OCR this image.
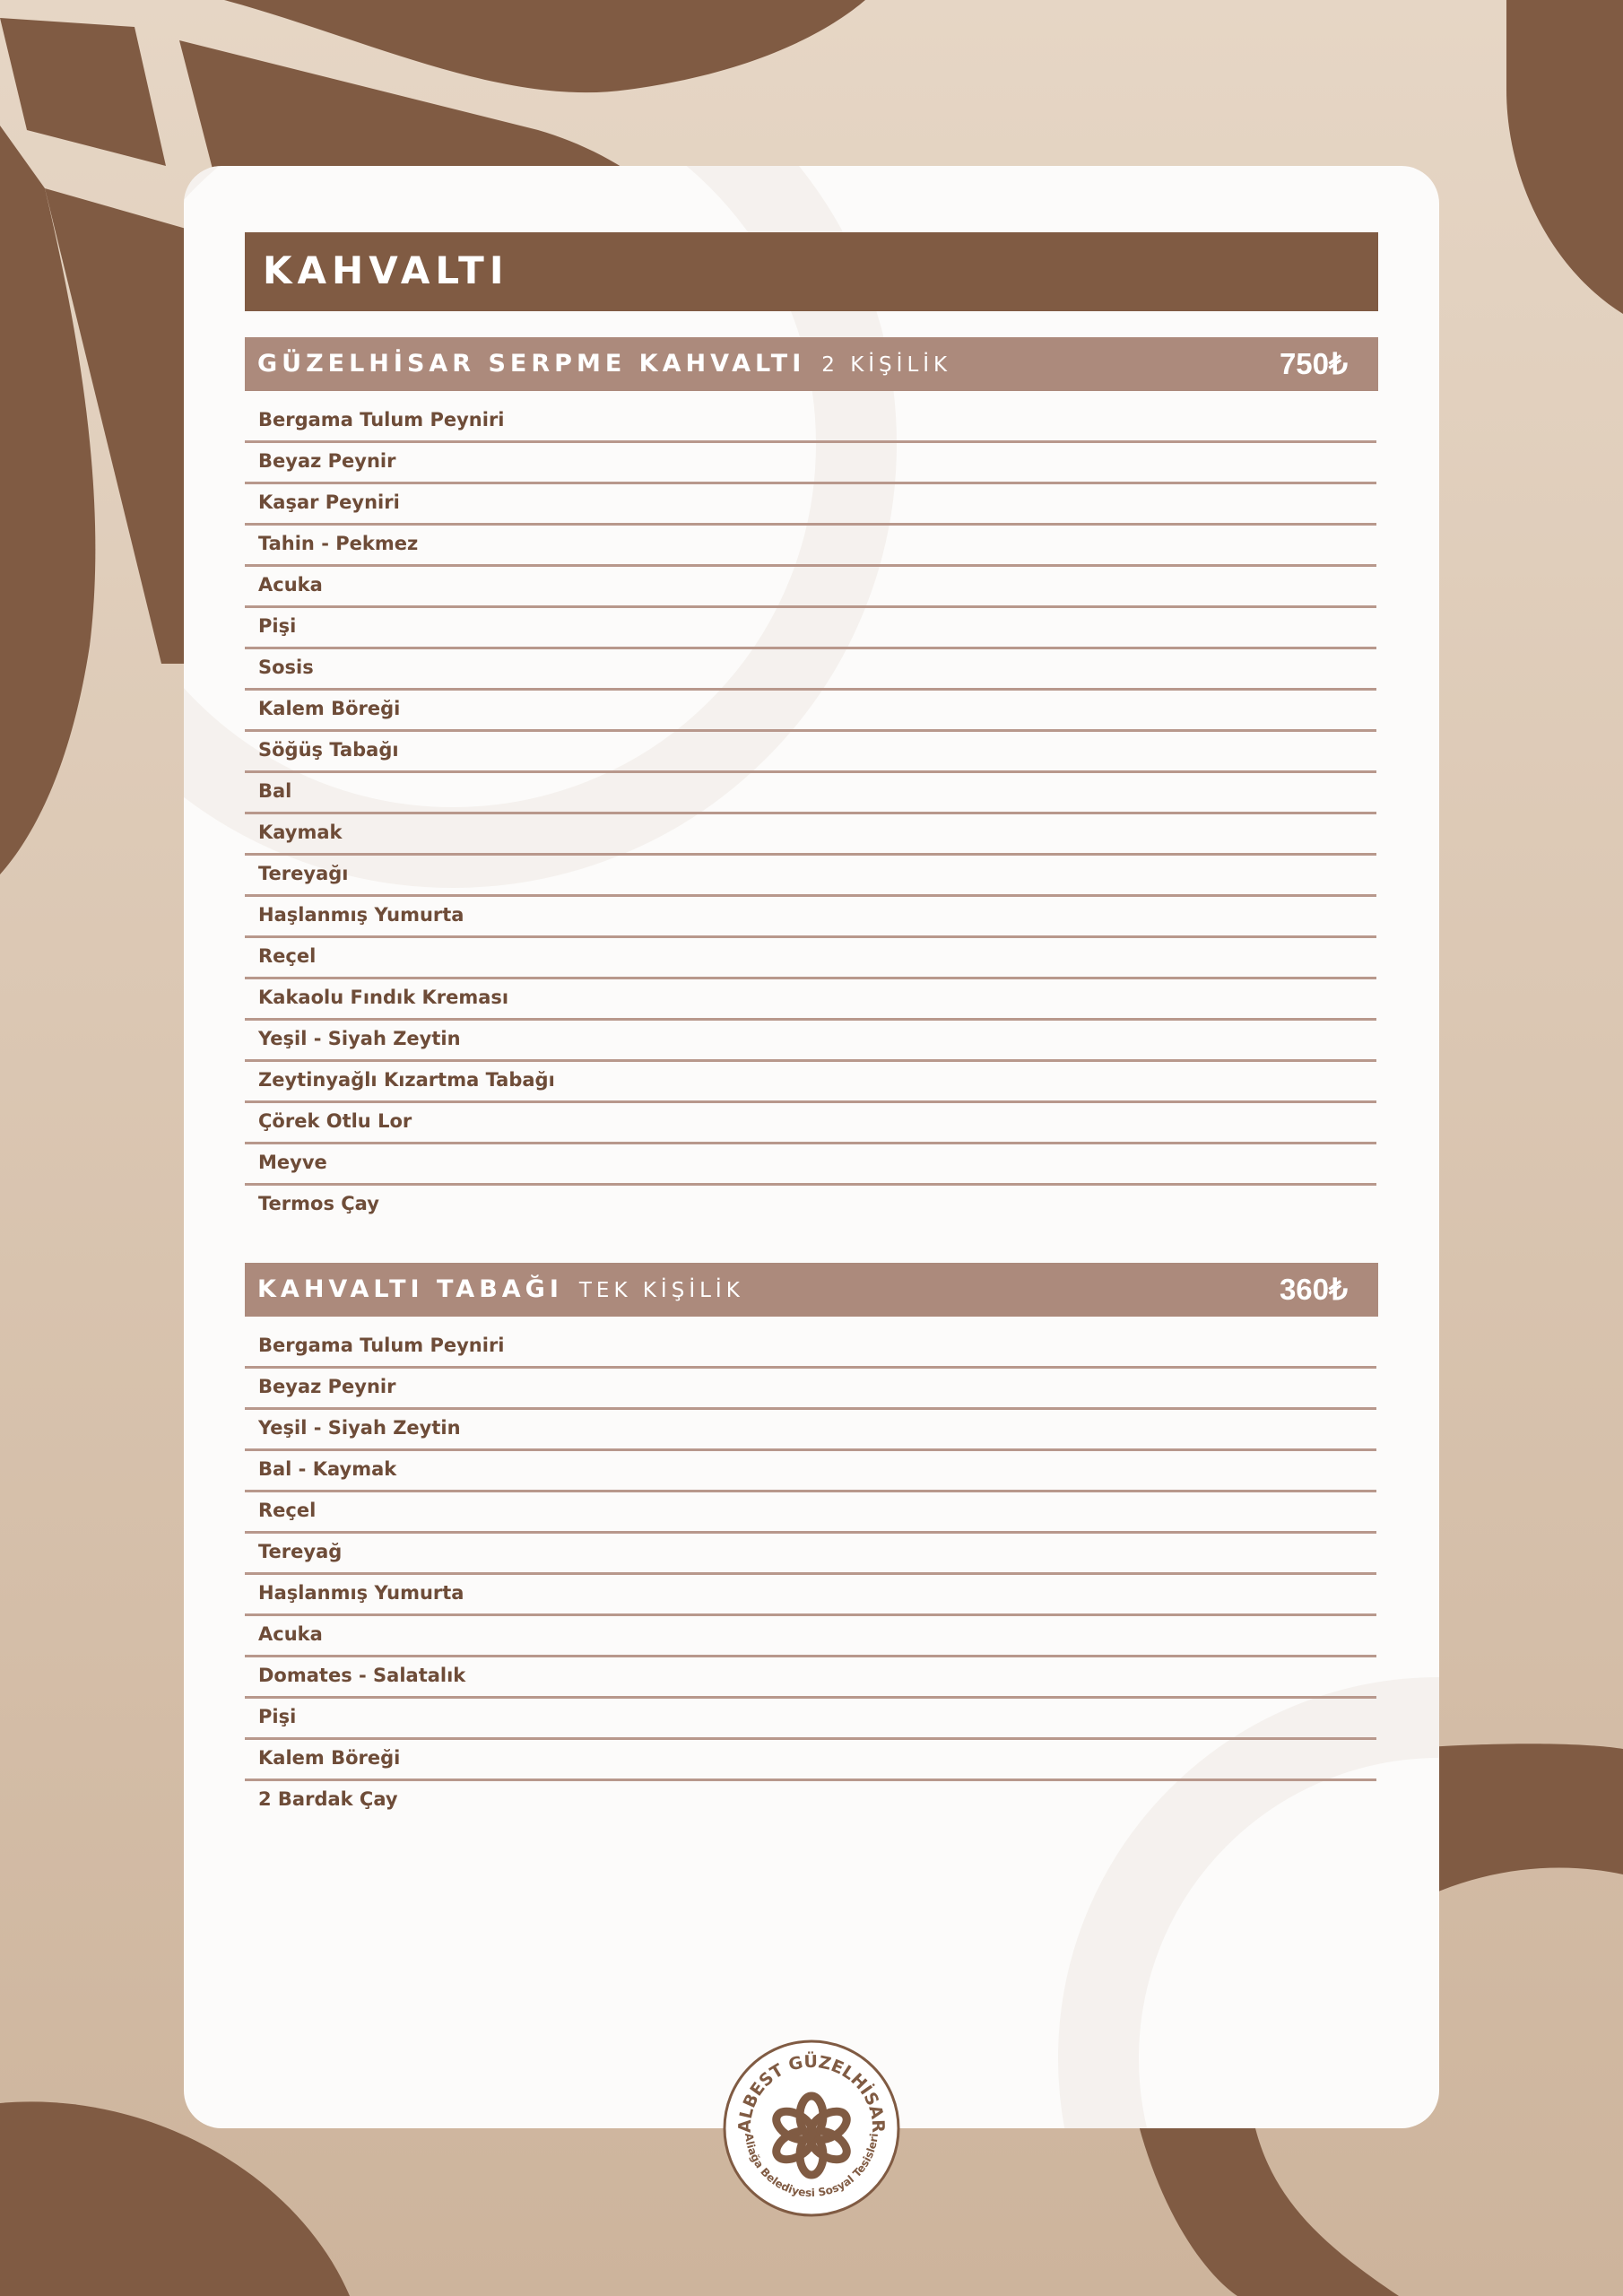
KAHVALTI
GÜZELHİSAR SERPME KAHVALTI 2 KİŞİLİK	750₺
Bergama Tulum Peyniri
Beyaz Peynir
Kaşar Peyniri
Tahin - Pekmez
Acuka
Pişi
Sosis
Kalem Böreği
Söğüş Tabağı
Bal
Kaymak
Tereyağı
Haşlanmış Yumurta
Reçel
Kakaolu Fındık Kreması
Yeşil - Siyah Zeytin
Zeytinyağlı Kızartma Tabağı
Çörek Otlu Lor
Meyve
Termos Çay
KAHVALTI TABAĞI TEK KİŞİLİK	360₺
Bergama Tulum Peyniri
Beyaz Peynir
Yeşil - Siyah Zeytin
Bal - Kaymak
Reçel
Tereyağ
Haşlanmış Yumurta
Acuka
Domates - Salatalık
Pişi
Kalem Böreği
2 Bardak Çay
ALBEST GÜZELHİSAR
Aliağa Belediyesi Sosyal Tesisleri
